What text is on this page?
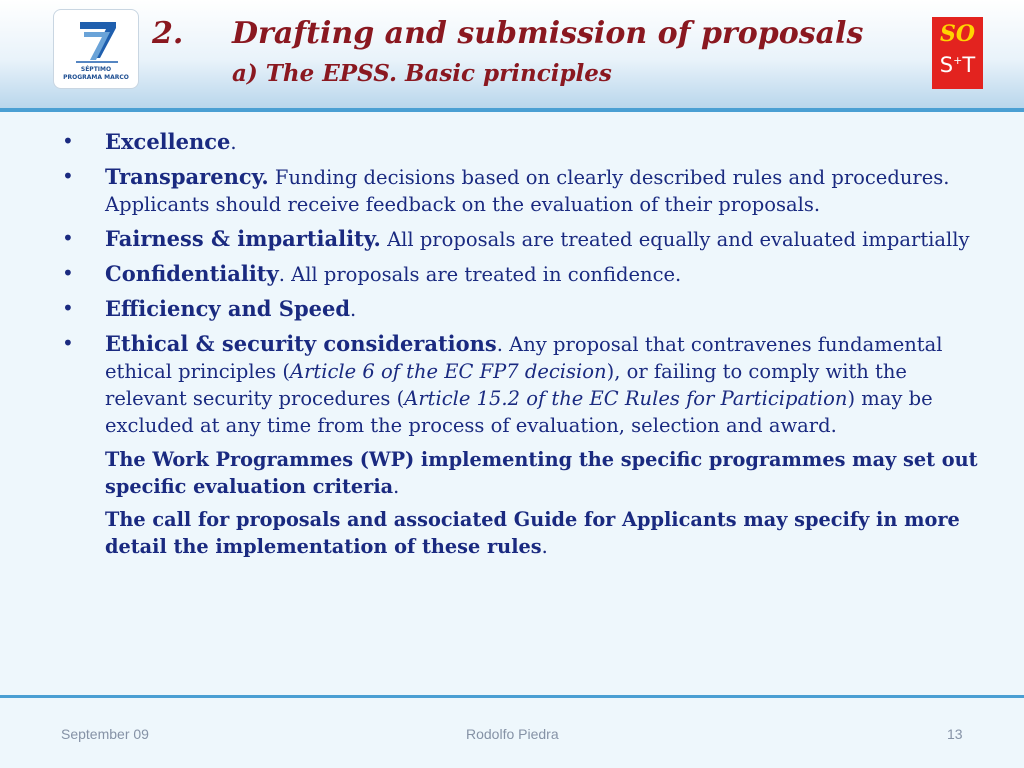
SÉPTIMO
PROGRAMA MARCO
2. Drafting and submission of proposals
a) The EPSS. Basic principles
SO
S+T
• Excellence.
• Transparency. Funding decisions based on clearly described rules and procedures. Applicants should receive feedback on the evaluation of their proposals.
• Fairness & impartiality. All proposals are treated equally and evaluated impartially
• Confidentiality. All proposals are treated in confidence.
• Efficiency and Speed.
• Ethical & security considerations. Any proposal that contravenes fundamental ethical principles (Article 6 of the EC FP7 decision), or failing to comply with the relevant security procedures (Article 15.2 of the EC Rules for Participation) may be excluded at any time from the process of evaluation, selection and award.
The Work Programmes (WP) implementing the specific programmes may set out specific evaluation criteria.
The call for proposals and associated Guide for Applicants may specify in more detail the implementation of these rules.
September 09	Rodolfo Piedra	13
